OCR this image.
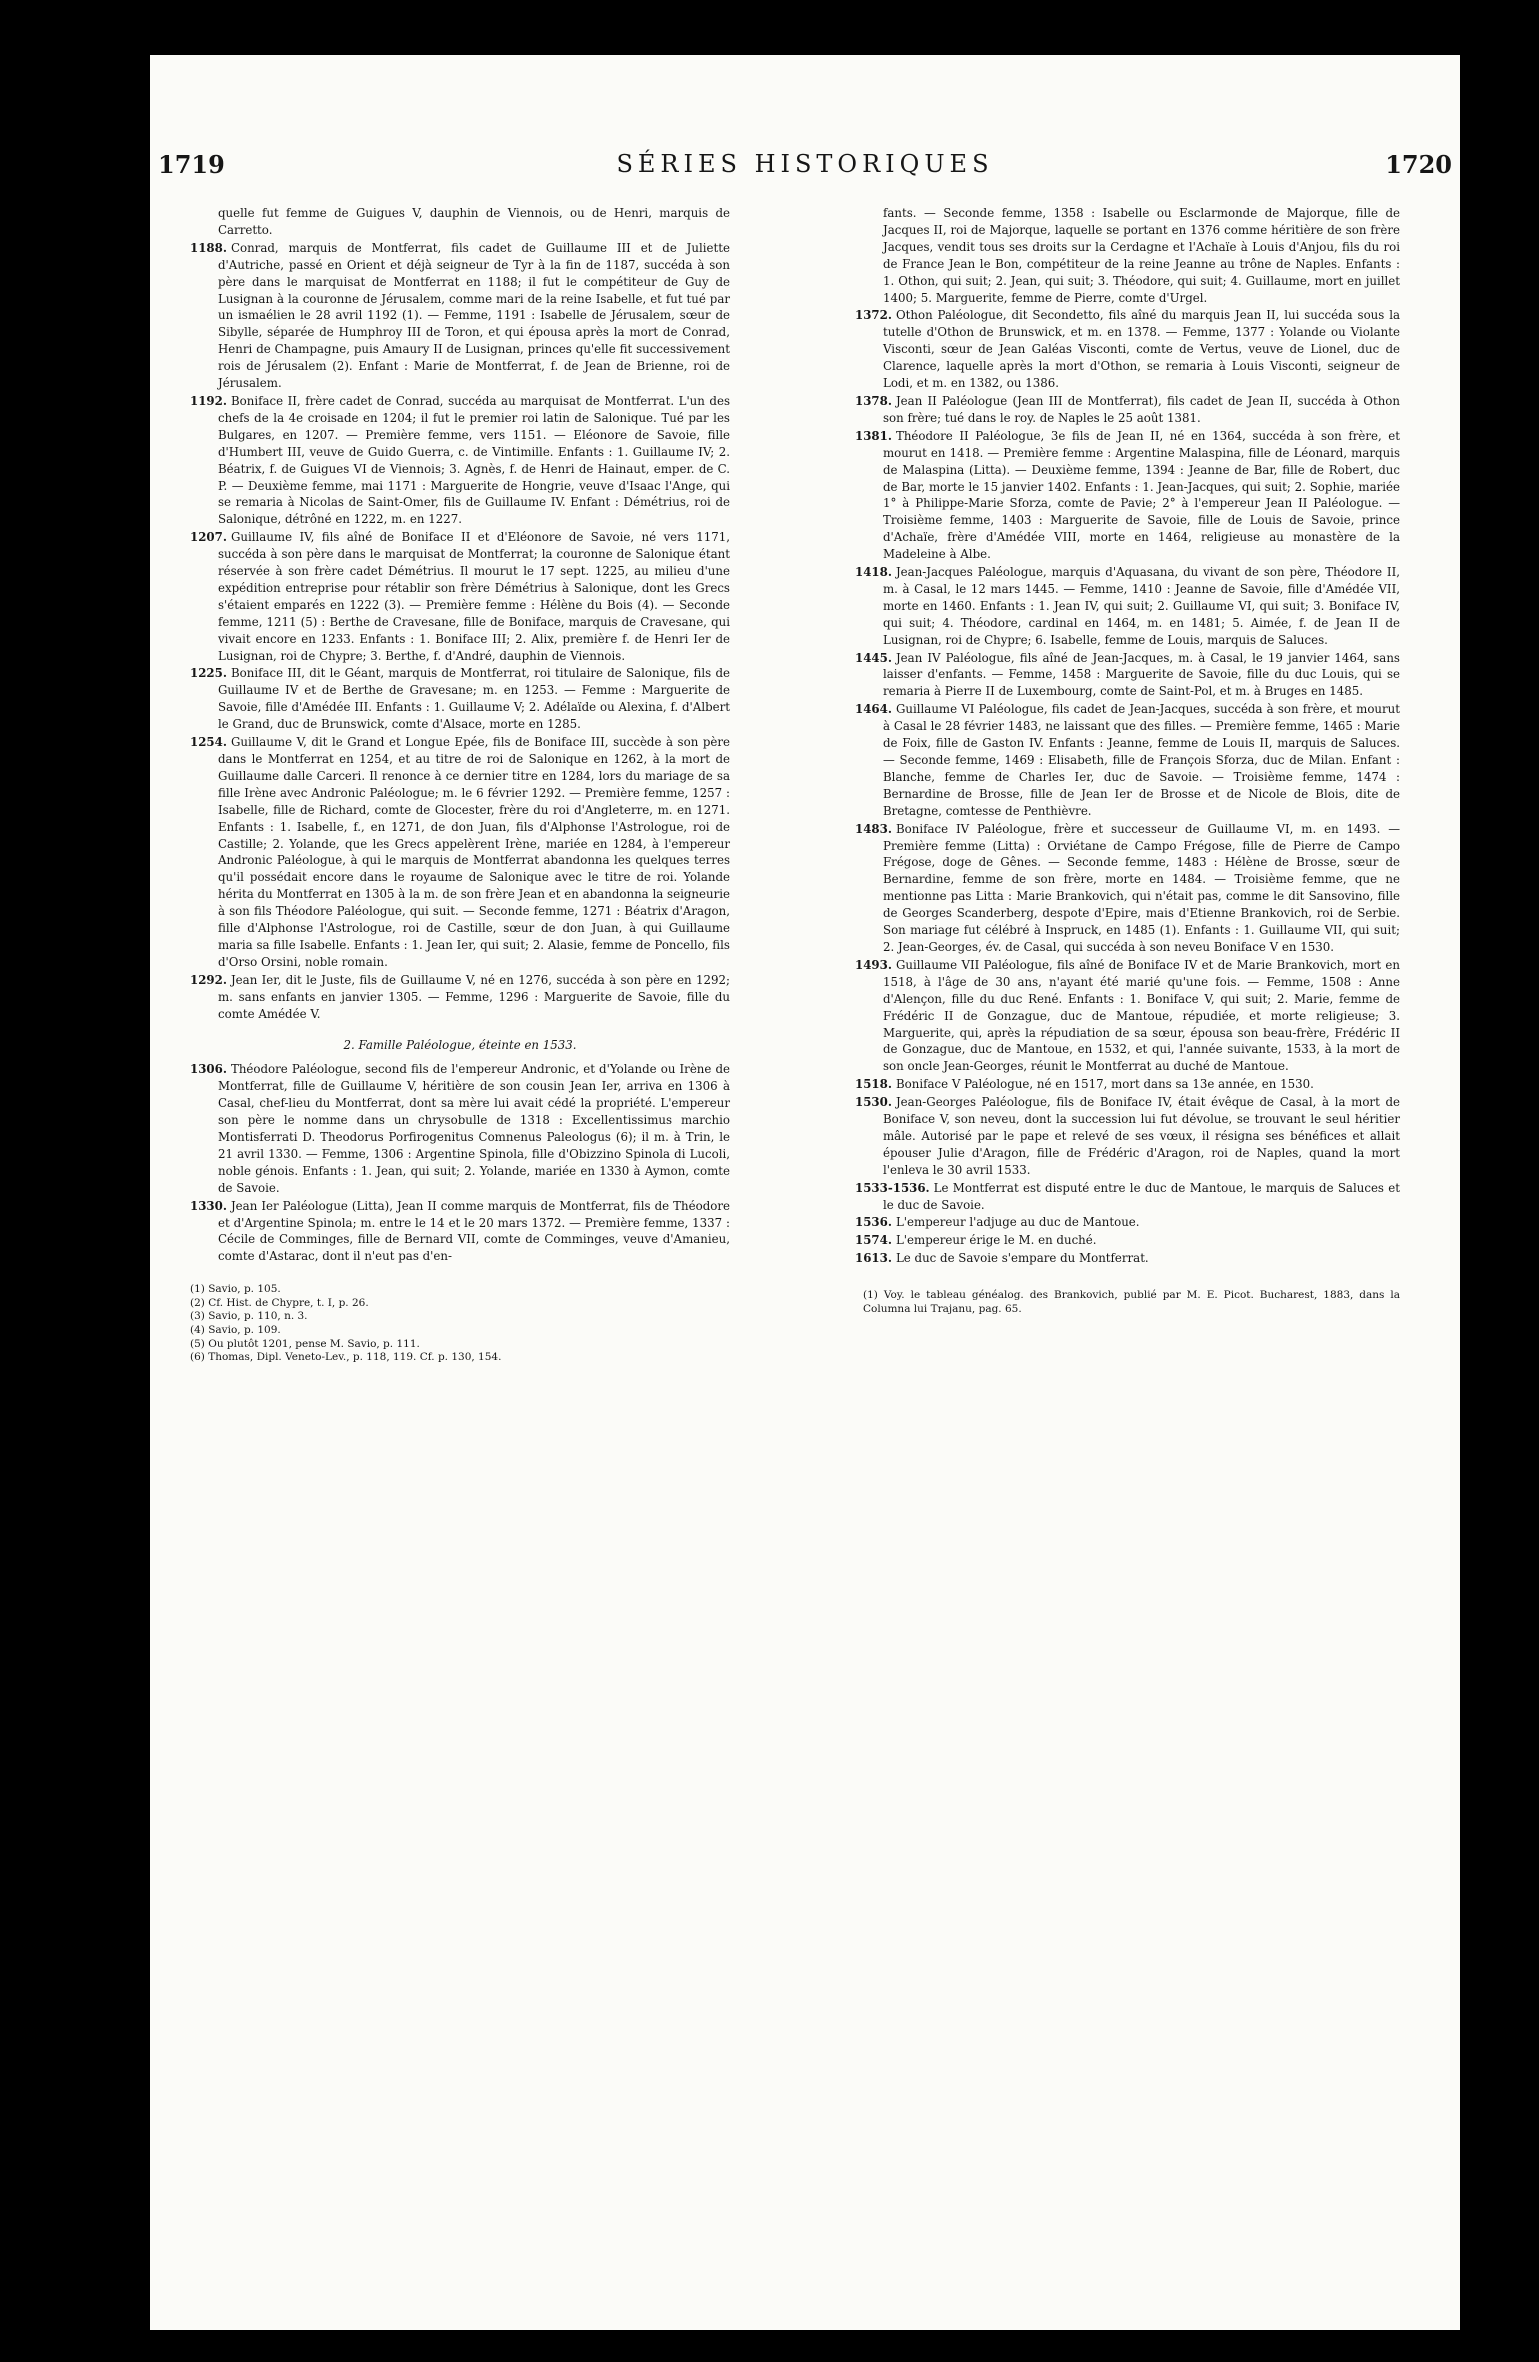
1719	SÉRIES HISTORIQUES	1720

quelle fut femme de Guigues V, dauphin de Viennois, ou de Henri, marquis de Carretto.

1188. Conrad, marquis de Montferrat, fils cadet de Guillaume III et de Juliette d'Autriche, passé en Orient et déjà seigneur de Tyr à la fin de 1187, succéda à son père dans le marquisat de Montferrat en 1188; il fut le compétiteur de Guy de Lusignan à la couronne de Jérusalem, comme mari de la reine Isabelle, et fut tué par un ismaélien le 28 avril 1192 (1). — Femme, 1191 : Isabelle de Jérusalem, sœur de Sibylle, séparée de Humphroy III de Toron, et qui épousa après la mort de Conrad, Henri de Champagne, puis Amaury II de Lusignan, princes qu'elle fit successivement rois de Jérusalem (2). Enfant : Marie de Montferrat, f. de Jean de Brienne, roi de Jérusalem.

1192. Boniface II, frère cadet de Conrad, succéda au marquisat de Montferrat. L'un des chefs de la 4e croisade en 1204; il fut le premier roi latin de Salonique. Tué par les Bulgares, en 1207. — Première femme, vers 1151. — Eléonore de Savoie, fille d'Humbert III, veuve de Guido Guerra, c. de Vintimille. Enfants : 1. Guillaume IV; 2. Béatrix, f. de Guigues VI de Viennois; 3. Agnès, f. de Henri de Hainaut, emper. de C. P. — Deuxième femme, mai 1171 : Marguerite de Hongrie, veuve d'Isaac l'Ange, qui se remaria à Nicolas de Saint-Omer, fils de Guillaume IV. Enfant : Démétrius, roi de Salonique, détrôné en 1222, m. en 1227.

1207. Guillaume IV, fils aîné de Boniface II et d'Eléonore de Savoie, né vers 1171, succéda à son père dans le marquisat de Montferrat; la couronne de Salonique étant réservée à son frère cadet Démétrius. Il mourut le 17 sept. 1225, au milieu d'une expédition entreprise pour rétablir son frère Démétrius à Salonique, dont les Grecs s'étaient emparés en 1222 (3). — Première femme : Hélène du Bois (4). — Seconde femme, 1211 (5) : Berthe de Cravesane, fille de Boniface, marquis de Cravesane, qui vivait encore en 1233. Enfants : 1. Boniface III; 2. Alix, première f. de Henri Ier de Lusignan, roi de Chypre; 3. Berthe, f. d'André, dauphin de Viennois.

1225. Boniface III, dit le Géant, marquis de Montferrat, roi titulaire de Salonique, fils de Guillaume IV et de Berthe de Gravesane; m. en 1253. — Femme : Marguerite de Savoie, fille d'Amédée III. Enfants : 1. Guillaume V; 2. Adélaïde ou Alexina, f. d'Albert le Grand, duc de Brunswick, comte d'Alsace, morte en 1285.

1254. Guillaume V, dit le Grand et Longue Epée, fils de Boniface III, succède à son père dans le Montferrat en 1254, et au titre de roi de Salonique en 1262, à la mort de Guillaume dalle Carceri. Il renonce à ce dernier titre en 1284, lors du mariage de sa fille Irène avec Andronic Paléologue; m. le 6 février 1292. — Première femme, 1257 : Isabelle, fille de Richard, comte de Glocester, frère du roi d'Angleterre, m. en 1271. Enfants : 1. Isabelle, f., en 1271, de don Juan, fils d'Alphonse l'Astrologue, roi de Castille; 2. Yolande, que les Grecs appelèrent Irène, mariée en 1284, à l'empereur Andronic Paléologue, à qui le marquis de Montferrat abandonna les quelques terres qu'il possédait encore dans le royaume de Salonique avec le titre de roi. Yolande hérita du Montferrat en 1305 à la m. de son frère Jean et en abandonna la seigneurie à son fils Théodore Paléologue, qui suit. — Seconde femme, 1271 : Béatrix d'Aragon, fille d'Alphonse l'Astrologue, roi de Castille, sœur de don Juan, à qui Guillaume maria sa fille Isabelle. Enfants : 1. Jean Ier, qui suit; 2. Alasie, femme de Poncello, fils d'Orso Orsini, noble romain.

1292. Jean Ier, dit le Juste, fils de Guillaume V, né en 1276, succéda à son père en 1292; m. sans enfants en janvier 1305. — Femme, 1296 : Marguerite de Savoie, fille du comte Amédée V.

2. Famille Paléologue, éteinte en 1533.

1306. Théodore Paléologue, second fils de l'empereur Andronic, et d'Yolande ou Irène de Montferrat, fille de Guillaume V, héritière de son cousin Jean Ier, arriva en 1306 à Casal, chef-lieu du Montferrat, dont sa mère lui avait cédé la propriété. L'empereur son père le nomme dans un chrysobulle de 1318 : Excellentissimus marchio Montisferrati D. Theodorus Porfirogenitus Comnenus Paleologus (6); il m. à Trin, le 21 avril 1330. — Femme, 1306 : Argentine Spinola, fille d'Obizzino Spinola di Lucoli, noble génois. Enfants : 1. Jean, qui suit; 2. Yolande, mariée en 1330 à Aymon, comte de Savoie.

1330. Jean Ier Paléologue (Litta), Jean II comme marquis de Montferrat, fils de Théodore et d'Argentine Spinola; m. entre le 14 et le 20 mars 1372. — Première femme, 1337 : Cécile de Comminges, fille de Bernard VII, comte de Comminges, veuve d'Amanieu, comte d'Astarac, dont il n'eut pas d'en-

(1) Savio, p. 105.

(2) Cf. Hist. de Chypre, t. I, p. 26.

(3) Savio, p. 110, n. 3.

(4) Savio, p. 109.

(5) Ou plutôt 1201, pense M. Savio, p. 111.

(6) Thomas, Dipl. Veneto-Lev., p. 118, 119. Cf. p. 130, 154.

fants. — Seconde femme, 1358 : Isabelle ou Esclarmonde de Majorque, fille de Jacques II, roi de Majorque, laquelle se portant en 1376 comme héritière de son frère Jacques, vendit tous ses droits sur la Cerdagne et l'Achaïe à Louis d'Anjou, fils du roi de France Jean le Bon, compétiteur de la reine Jeanne au trône de Naples. Enfants : 1. Othon, qui suit; 2. Jean, qui suit; 3. Théodore, qui suit; 4. Guillaume, mort en juillet 1400; 5. Marguerite, femme de Pierre, comte d'Urgel.

1372. Othon Paléologue, dit Secondetto, fils aîné du marquis Jean II, lui succéda sous la tutelle d'Othon de Brunswick, et m. en 1378. — Femme, 1377 : Yolande ou Violante Visconti, sœur de Jean Galéas Visconti, comte de Vertus, veuve de Lionel, duc de Clarence, laquelle après la mort d'Othon, se remaria à Louis Visconti, seigneur de Lodi, et m. en 1382, ou 1386.

1378. Jean II Paléologue (Jean III de Montferrat), fils cadet de Jean II, succéda à Othon son frère; tué dans le roy. de Naples le 25 août 1381.

1381. Théodore II Paléologue, 3e fils de Jean II, né en 1364, succéda à son frère, et mourut en 1418. — Première femme : Argentine Malaspina, fille de Léonard, marquis de Malaspina (Litta). — Deuxième femme, 1394 : Jeanne de Bar, fille de Robert, duc de Bar, morte le 15 janvier 1402. Enfants : 1. Jean-Jacques, qui suit; 2. Sophie, mariée 1° à Philippe-Marie Sforza, comte de Pavie; 2° à l'empereur Jean II Paléologue. — Troisième femme, 1403 : Marguerite de Savoie, fille de Louis de Savoie, prince d'Achaïe, frère d'Amédée VIII, morte en 1464, religieuse au monastère de la Madeleine à Albe.

1418. Jean-Jacques Paléologue, marquis d'Aquasana, du vivant de son père, Théodore II, m. à Casal, le 12 mars 1445. — Femme, 1410 : Jeanne de Savoie, fille d'Amédée VII, morte en 1460. Enfants : 1. Jean IV, qui suit; 2. Guillaume VI, qui suit; 3. Boniface IV, qui suit; 4. Théodore, cardinal en 1464, m. en 1481; 5. Aimée, f. de Jean II de Lusignan, roi de Chypre; 6. Isabelle, femme de Louis, marquis de Saluces.

1445. Jean IV Paléologue, fils aîné de Jean-Jacques, m. à Casal, le 19 janvier 1464, sans laisser d'enfants. — Femme, 1458 : Marguerite de Savoie, fille du duc Louis, qui se remaria à Pierre II de Luxembourg, comte de Saint-Pol, et m. à Bruges en 1485.

1464. Guillaume VI Paléologue, fils cadet de Jean-Jacques, succéda à son frère, et mourut à Casal le 28 février 1483, ne laissant que des filles. — Première femme, 1465 : Marie de Foix, fille de Gaston IV. Enfants : Jeanne, femme de Louis II, marquis de Saluces. — Seconde femme, 1469 : Elisabeth, fille de François Sforza, duc de Milan. Enfant : Blanche, femme de Charles Ier, duc de Savoie. — Troisième femme, 1474 : Bernardine de Brosse, fille de Jean Ier de Brosse et de Nicole de Blois, dite de Bretagne, comtesse de Penthièvre.

1483. Boniface IV Paléologue, frère et successeur de Guillaume VI, m. en 1493. — Première femme (Litta) : Orviétane de Campo Frégose, fille de Pierre de Campo Frégose, doge de Gênes. — Seconde femme, 1483 : Hélène de Brosse, sœur de Bernardine, femme de son frère, morte en 1484. — Troisième femme, que ne mentionne pas Litta : Marie Brankovich, qui n'était pas, comme le dit Sansovino, fille de Georges Scanderberg, despote d'Epire, mais d'Etienne Brankovich, roi de Serbie. Son mariage fut célébré à Inspruck, en 1485 (1). Enfants : 1. Guillaume VII, qui suit; 2. Jean-Georges, év. de Casal, qui succéda à son neveu Boniface V en 1530.

1493. Guillaume VII Paléologue, fils aîné de Boniface IV et de Marie Brankovich, mort en 1518, à l'âge de 30 ans, n'ayant été marié qu'une fois. — Femme, 1508 : Anne d'Alençon, fille du duc René. Enfants : 1. Boniface V, qui suit; 2. Marie, femme de Frédéric II de Gonzague, duc de Mantoue, répudiée, et morte religieuse; 3. Marguerite, qui, après la répudiation de sa sœur, épousa son beau-frère, Frédéric II de Gonzague, duc de Mantoue, en 1532, et qui, l'année suivante, 1533, à la mort de son oncle Jean-Georges, réunit le Montferrat au duché de Mantoue.

1518. Boniface V Paléologue, né en 1517, mort dans sa 13e année, en 1530.

1530. Jean-Georges Paléologue, fils de Boniface IV, était évêque de Casal, à la mort de Boniface V, son neveu, dont la succession lui fut dévolue, se trouvant le seul héritier mâle. Autorisé par le pape et relevé de ses vœux, il résigna ses bénéfices et allait épouser Julie d'Aragon, fille de Frédéric d'Aragon, roi de Naples, quand la mort l'enleva le 30 avril 1533.

1533-1536. Le Montferrat est disputé entre le duc de Mantoue, le marquis de Saluces et le duc de Savoie.

1536. L'empereur l'adjuge au duc de Mantoue.

1574. L'empereur érige le M. en duché.

1613. Le duc de Savoie s'empare du Montferrat.

(1) Voy. le tableau généalog. des Brankovich, publié par M. E. Picot. Bucharest, 1883, dans la Columna lui Trajanu, pag. 65.
